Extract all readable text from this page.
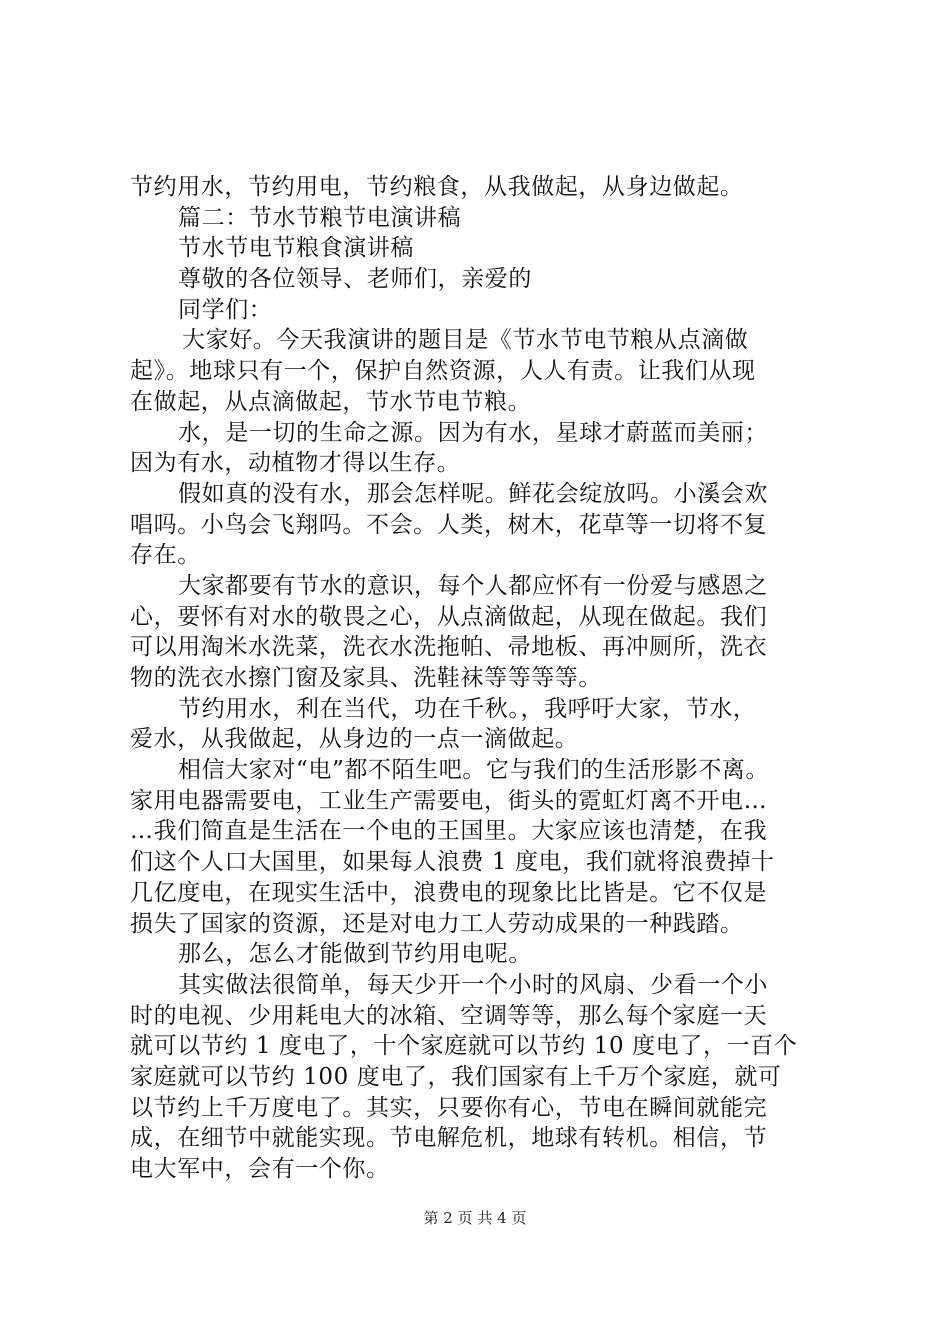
节约用水，节约用电，节约粮食，从我做起，从身边做起。
篇二：节水节粮节电演讲稿
节水节电节粮食演讲稿
尊敬的各位领导、老师们，亲爱的
同学们：
大家好。今天我演讲的题目是《节水节电节粮从点滴做
起》。地球只有一个，保护自然资源，人人有责。让我们从现
在做起，从点滴做起，节水节电节粮。
水，是一切的生命之源。因为有水，星球才蔚蓝而美丽；
因为有水，动植物才得以生存。
假如真的没有水，那会怎样呢。鲜花会绽放吗。小溪会欢
唱吗。小鸟会飞翔吗。不会。人类，树木，花草等一切将不复
存在。
大家都要有节水的意识，每个人都应怀有一份爱与感恩之
心，要怀有对水的敬畏之心，从点滴做起，从现在做起。我们
可以用淘米水洗菜，洗衣水洗拖帕、帚地板、再冲厕所，洗衣
物的洗衣水擦门窗及家具、洗鞋袜等等等等。
节约用水，利在当代，功在千秋。，我呼吁大家，节水，
爱水，从我做起，从身边的一点一滴做起。
相信大家对“电”都不陌生吧。它与我们的生活形影不离。
家用电器需要电，工业生产需要电，街头的霓虹灯离不开电…
…我们简直是生活在一个电的王国里。大家应该也清楚，在我
们这个人口大国里，如果每人浪费 1 度电，我们就将浪费掉十
几亿度电，在现实生活中，浪费电的现象比比皆是。它不仅是
损失了国家的资源，还是对电力工人劳动成果的一种践踏。
那么，怎么才能做到节约用电呢。
其实做法很简单，每天少开一个小时的风扇、少看一个小
时的电视、少用耗电大的冰箱、空调等等，那么每个家庭一天
就可以节约 1 度电了，十个家庭就可以节约 10 度电了，一百个
家庭就可以节约 100 度电了，我们国家有上千万个家庭，就可
以节约上千万度电了。其实，只要你有心，节电在瞬间就能完
成，在细节中就能实现。节电解危机，地球有转机。相信，节
电大军中，会有一个你。
第 2 页 共 4 页
